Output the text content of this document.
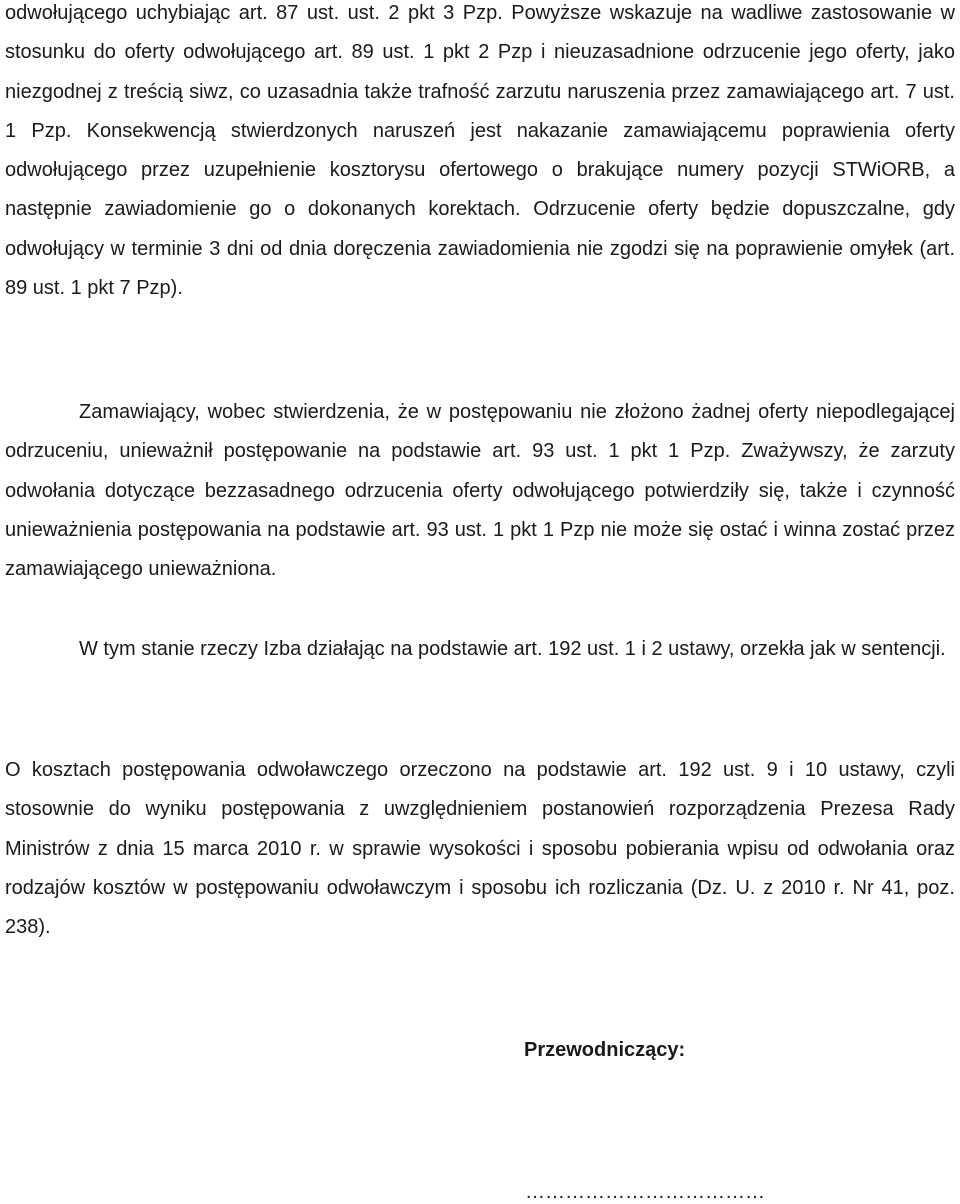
odwołującego uchybiając art. 87 ust. ust. 2 pkt 3 Pzp. Powyższe wskazuje na wadliwe zastosowanie w stosunku do oferty odwołującego art. 89 ust. 1 pkt 2 Pzp i nieuzasadnione odrzucenie jego oferty, jako niezgodnej z treścią siwz, co uzasadnia także trafność zarzutu naruszenia przez zamawiającego art. 7 ust. 1 Pzp. Konsekwencją stwierdzonych naruszeń jest nakazanie zamawiającemu poprawienia oferty odwołującego przez uzupełnienie kosztorysu ofertowego o brakujące numery pozycji STWiORB, a następnie zawiadomienie go o dokonanych korektach. Odrzucenie oferty będzie dopuszczalne, gdy odwołujący w terminie 3 dni od dnia doręczenia zawiadomienia nie zgodzi się na poprawienie omyłek (art. 89 ust. 1 pkt 7 Pzp).

Zamawiający, wobec stwierdzenia, że w postępowaniu nie złożono żadnej oferty niepodlegającej odrzuceniu, unieważnił postępowanie na podstawie art. 93 ust. 1 pkt 1 Pzp. Zważywszy, że zarzuty odwołania dotyczące bezzasadnego odrzucenia oferty odwołującego potwierdziły się, także i czynność unieważnienia postępowania na podstawie art. 93 ust. 1 pkt 1 Pzp nie może się ostać i winna zostać przez zamawiającego unieważniona.

W tym stanie rzeczy Izba działając na podstawie art. 192 ust. 1 i 2 ustawy, orzekła jak w sentencji.

O kosztach postępowania odwoławczego orzeczono na podstawie art. 192 ust. 9 i 10 ustawy, czyli stosownie do wyniku postępowania z uwzględnieniem postanowień rozporządzenia Prezesa Rady Ministrów z dnia 15 marca 2010 r. w sprawie wysokości i sposobu pobierania wpisu od odwołania oraz rodzajów kosztów w postępowaniu odwoławczym i sposobu ich rozliczania (Dz. U. z 2010 r. Nr 41, poz. 238).

Przewodniczący:
………………………………
